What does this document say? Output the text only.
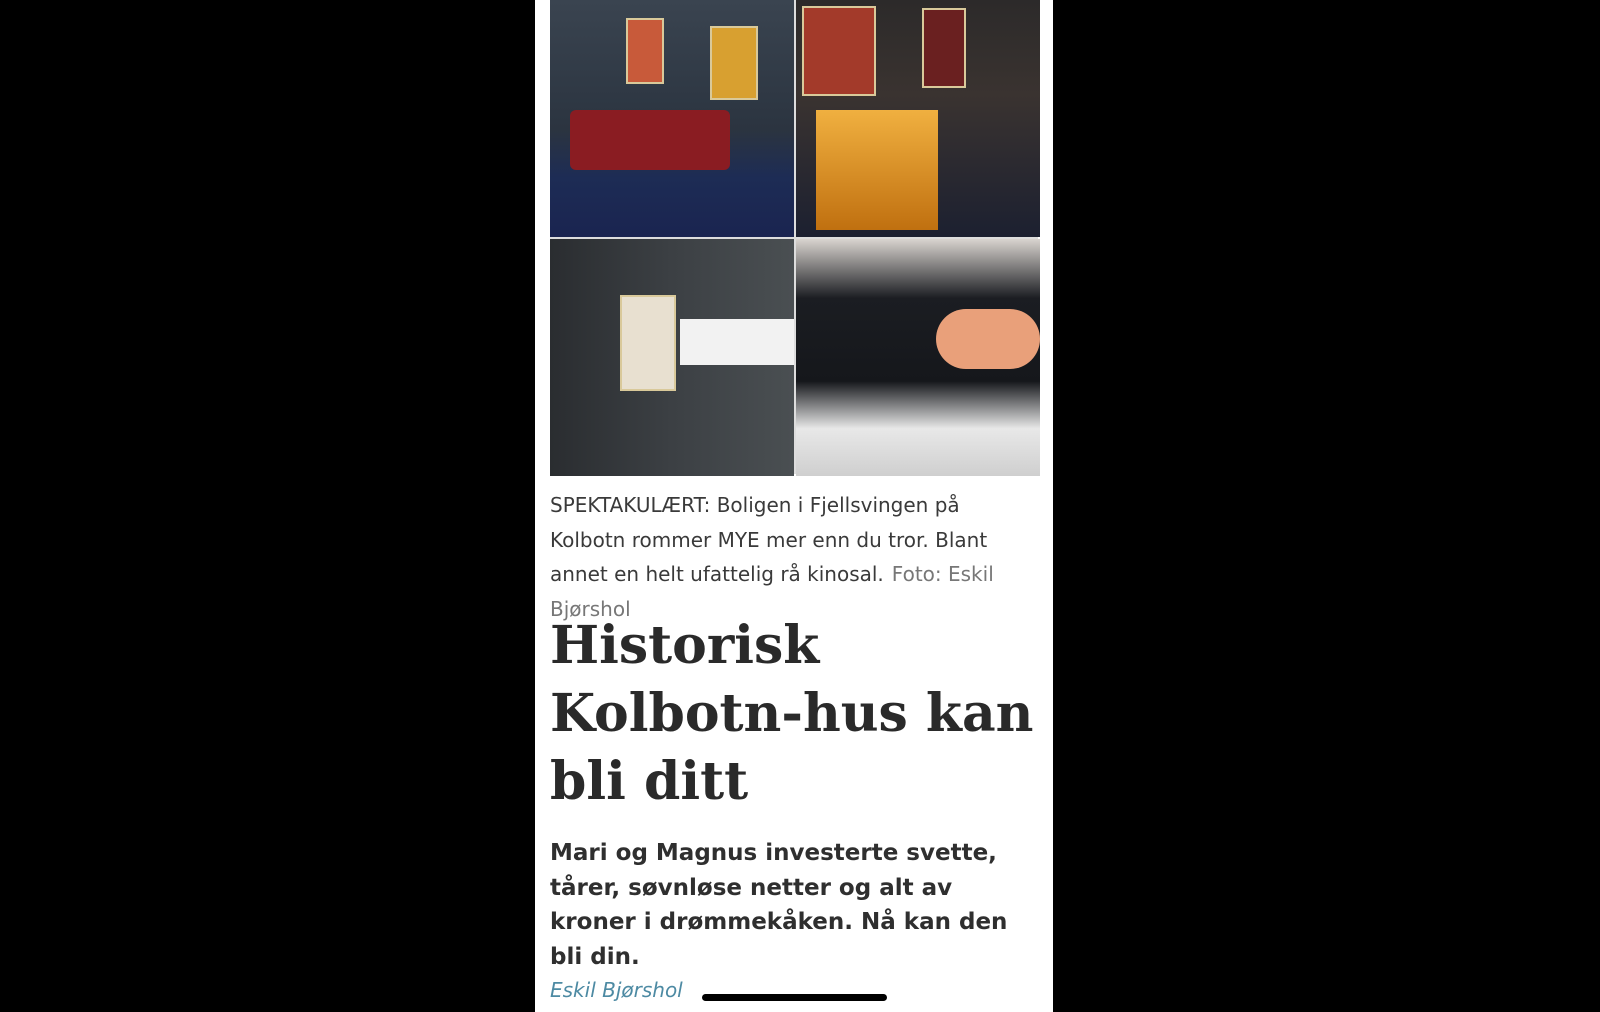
SPEKTAKULÆRT: Boligen i Fjellsvingen på Kolbotn rommer MYE mer enn du tror. Blant annet en helt ufattelig rå kinosal. Foto: Eskil Bjørshol

Historisk Kolbotn-hus kan bli ditt

Mari og Magnus investerte svette, tårer, søvnløse netter og alt av kroner i drømmekåken. Nå kan den bli din.

Eskil Bjørshol
